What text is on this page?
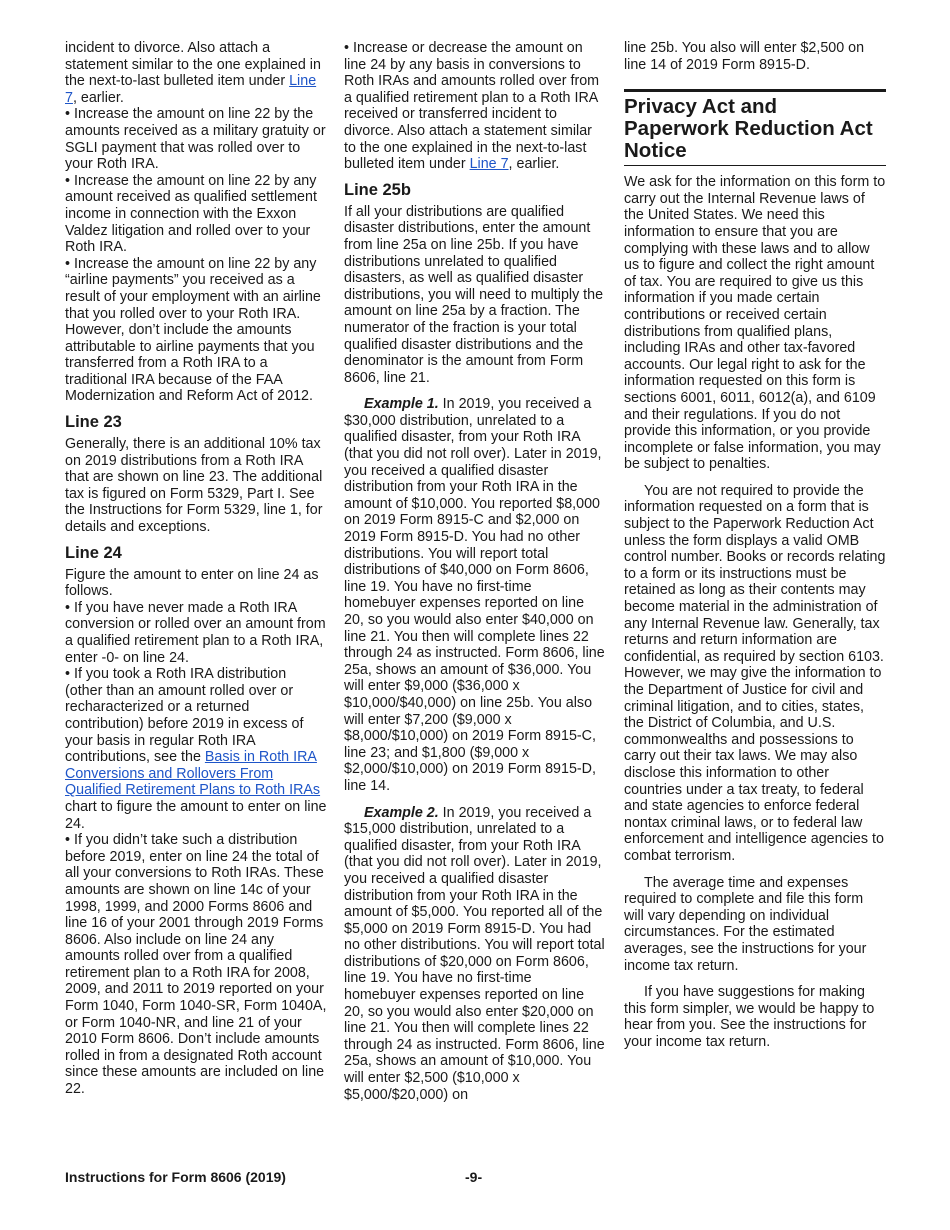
incident to divorce. Also attach a statement similar to the one explained in the next-to-last bulleted item under Line 7, earlier.

• Increase the amount on line 22 by the amounts received as a military gratuity or SGLI payment that was rolled over to your Roth IRA.

• Increase the amount on line 22 by any amount received as qualified settlement income in connection with the Exxon Valdez litigation and rolled over to your Roth IRA.

• Increase the amount on line 22 by any “airline payments” you received as a result of your employment with an airline that you rolled over to your Roth IRA. However, don’t include the amounts attributable to airline payments that you transferred from a Roth IRA to a traditional IRA because of the FAA Modernization and Reform Act of 2012.

Line 23

Generally, there is an additional 10% tax on 2019 distributions from a Roth IRA that are shown on line 23. The additional tax is figured on Form 5329, Part I. See the Instructions for Form 5329, line 1, for details and exceptions.

Line 24

Figure the amount to enter on line 24 as follows.

• If you have never made a Roth IRA conversion or rolled over an amount from a qualified retirement plan to a Roth IRA, enter -0- on line 24.

• If you took a Roth IRA distribution (other than an amount rolled over or recharacterized or a returned contribution) before 2019 in excess of your basis in regular Roth IRA contributions, see the Basis in Roth IRA Conversions and Rollovers From Qualified Retirement Plans to Roth IRAs chart to figure the amount to enter on line 24.

• If you didn’t take such a distribution before 2019, enter on line 24 the total of all your conversions to Roth IRAs. These amounts are shown on line 14c of your 1998, 1999, and 2000 Forms 8606 and line 16 of your 2001 through 2019 Forms 8606. Also include on line 24 any amounts rolled over from a qualified retirement plan to a Roth IRA for 2008, 2009, and 2011 to 2019 reported on your Form 1040, Form 1040-SR, Form 1040A, or Form 1040-NR, and line 21 of your 2010 Form 8606. Don’t include amounts rolled in from a designated Roth account since these amounts are included on line 22.

• Increase or decrease the amount on line 24 by any basis in conversions to Roth IRAs and amounts rolled over from a qualified retirement plan to a Roth IRA received or transferred incident to divorce. Also attach a statement similar to the one explained in the next-to-last bulleted item under Line 7, earlier.

Line 25b

If all your distributions are qualified disaster distributions, enter the amount from line 25a on line 25b. If you have distributions unrelated to qualified disasters, as well as qualified disaster distributions, you will need to multiply the amount on line 25a by a fraction. The numerator of the fraction is your total qualified disaster distributions and the denominator is the amount from Form 8606, line 21.

Example 1. In 2019, you received a $30,000 distribution, unrelated to a qualified disaster, from your Roth IRA (that you did not roll over). Later in 2019, you received a qualified disaster distribution from your Roth IRA in the amount of $10,000. You reported $8,000 on 2019 Form 8915-C and $2,000 on 2019 Form 8915-D. You had no other distributions. You will report total distributions of $40,000 on Form 8606, line 19. You have no first-time homebuyer expenses reported on line 20, so you would also enter $40,000 on line 21. You then will complete lines 22 through 24 as instructed. Form 8606, line 25a, shows an amount of $36,000. You will enter $9,000 ($36,000 x $10,000/$40,000) on line 25b. You also will enter $7,200 ($9,000 x $8,000/$10,000) on 2019 Form 8915-C, line 23; and $1,800 ($9,000 x $2,000/$10,000) on 2019 Form 8915-D, line 14.

Example 2. In 2019, you received a $15,000 distribution, unrelated to a qualified disaster, from your Roth IRA (that you did not roll over). Later in 2019, you received a qualified disaster distribution from your Roth IRA in the amount of $5,000. You reported all of the $5,000 on 2019 Form 8915-D. You had no other distributions. You will report total distributions of $20,000 on Form 8606, line 19. You have no first-time homebuyer expenses reported on line 20, so you would also enter $20,000 on line 21. You then will complete lines 22 through 24 as instructed. Form 8606, line 25a, shows an amount of $10,000. You will enter $2,500 ($10,000 x $5,000/$20,000) on

line 25b. You also will enter $2,500 on line 14 of 2019 Form 8915-D.

Privacy Act and Paperwork Reduction Act Notice

We ask for the information on this form to carry out the Internal Revenue laws of the United States. We need this information to ensure that you are complying with these laws and to allow us to figure and collect the right amount of tax. You are required to give us this information if you made certain contributions or received certain distributions from qualified plans, including IRAs and other tax-favored accounts. Our legal right to ask for the information requested on this form is sections 6001, 6011, 6012(a), and 6109 and their regulations. If you do not provide this information, or you provide incomplete or false information, you may be subject to penalties.

You are not required to provide the information requested on a form that is subject to the Paperwork Reduction Act unless the form displays a valid OMB control number. Books or records relating to a form or its instructions must be retained as long as their contents may become material in the administration of any Internal Revenue law. Generally, tax returns and return information are confidential, as required by section 6103. However, we may give the information to the Department of Justice for civil and criminal litigation, and to cities, states, the District of Columbia, and U.S. commonwealths and possessions to carry out their tax laws. We may also disclose this information to other countries under a tax treaty, to federal and state agencies to enforce federal nontax criminal laws, or to federal law enforcement and intelligence agencies to combat terrorism.

The average time and expenses required to complete and file this form will vary depending on individual circumstances. For the estimated averages, see the instructions for your income tax return.

If you have suggestions for making this form simpler, we would be happy to hear from you. See the instructions for your income tax return.

Instructions for Form 8606 (2019)	-9-
